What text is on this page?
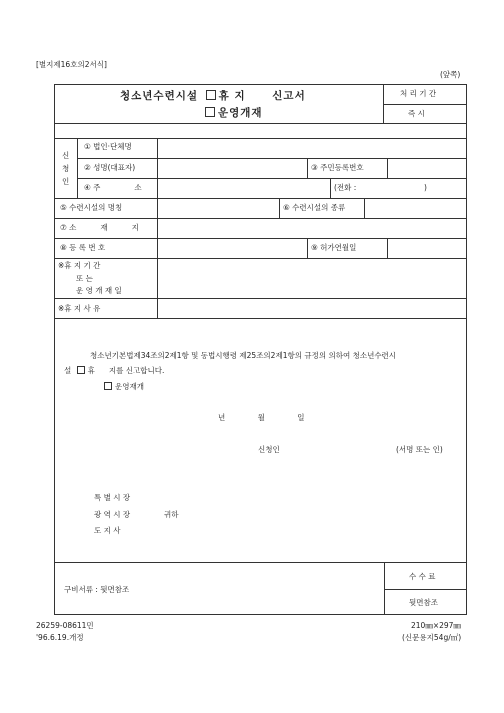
[별지제16호의2서식]
(앞쪽)
청소년수련시설 휴 지	신고서
운영개재
처 리 기 간
즉 시
신
청
인
① 법인·단체명
② 성명(대표자)	③ 주민등록번호
④ 주	소	(전화 :	)
⑤ 수련시설의 명칭	⑥ 수련시설의 종류
⑦ 소	재	지
⑧ 등 록 번 호	⑨ 허가연월일
※휴 지 기 간
또 는
운 영 개 재 일
※휴 지 사 유
청소년기본법제34조의2제1항 및 동법시행령 제25조의2제1항의 규정의 의하여 청소년수련시
설 휴 지를 신고합니다.
운영재개
년	월	일
신청인	(서명 또는 인)
특 별 시 장
광 역 시 장	귀하
도 지 사
구비서류 : 뒷면참조
수 수 료
뒷면참조
26259-08611민
'96.6.19.개정
210㎜×297㎜
(신문용지54g/㎡)
